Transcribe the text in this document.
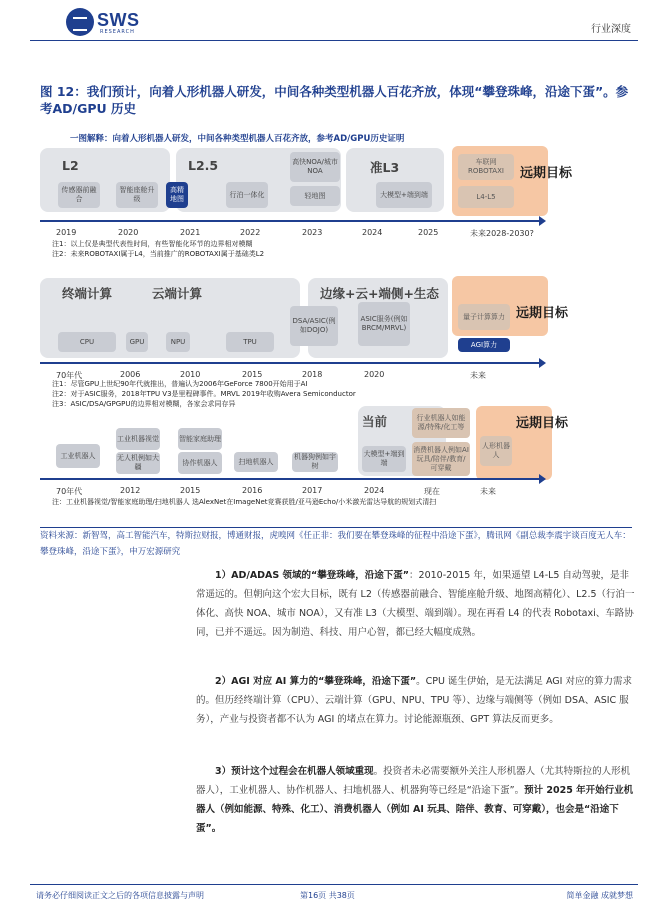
SWS
RESEARCH	行业深度
图 12：我们预计，向着人形机器人研发，中间各种类型机器人百花齐放，体现“攀登珠峰，沿途下蛋”。参考AD/GPU 历史
一图解释：向着人形机器人研发，中间各种类型机器人百花齐放，参考AD/GPU历史证明
L2	L2.5	准L3
传感器前融合
智能座舱升级
高精地图
行泊一体化
高快NOA/城市NOA
轻地图	大模型+端到端
车联网ROBOTAXI
L4-L5
远期目标
2019	2020	2021	2022	2023	2024	2025	未来2028-2030?
注1：以上仅是典型代表性时间，有些智能化环节的边界相对模糊
注2：未来ROBOTAXI属于L4，当前推广的ROBOTAXI属于基础类L2
终端计算	云端计算	边缘+云+端侧+生态
CPU	GPU	NPU	TPU
DSA/ASIC(例如DOJO)
ASIC服务(例如BRCM/MRVL)
量子计算算力
AGI算力
远期目标
70年代	2006	2010	2015	2018	2020	未来
注1：尽管GPU上世纪90年代就推出，普遍认为2006年GeForce 7800开始用于AI
注2：对于ASIC服务，2018年TPU V3是里程碑事件。MRVL 2019年收购Avera Semiconductor
注3：ASIC/DSA/GPGPU的边界相对模糊，各家会求同存异
当前
工业机器人
工业机器视觉
无人机例如大疆
智能家庭助理
协作机器人	扫地机器人
机器狗例如宇树
大模型+端到端
行业机器人如能源/特殊/化工等
消费机器人例如AI玩具/陪伴/教育/可穿戴
人形机器人
远期目标
70年代	2012	2015	2016	2017	2024	现在	未来
注：工业机器视觉/智能家庭助理/扫地机器人 选AlexNet在ImageNet竞赛获胜/亚马逊Echo/小米激光雷达导航的规划式清扫
资料来源：新智驾，高工智能汽车，特斯拉财报，博通财报，虎嗅网《任正非：我们要在攀登珠峰的征程中沿途下蛋》，腾讯网《副总裁李震宇谈百度无人车：攀登珠峰，沿途下蛋》，申万宏源研究
1）AD/ADAS 领域的“攀登珠峰，沿途下蛋”：2010-2015 年，如果遥望 L4-L5 自动驾驶，是非常遥远的。但朝向这个宏大目标，既有 L2（传感器前融合、智能座舱升级、地图高精化）、L2.5（行泊一体化、高快 NOA、城市 NOA），又有准 L3（大模型、端到端）。现在再看 L4 的代表 Robotaxi、车路协同，已并不遥远。因为制造、科技、用户心智，都已经大幅度成熟。
2）AGI 对应 AI 算力的“攀登珠峰，沿途下蛋”。CPU 诞生伊始，是无法满足 AGI 对应的算力需求的。但历经终端计算（CPU）、云端计算（GPU、NPU、TPU 等）、边缘与端侧等（例如 DSA、ASIC 服务），产业与投资者都不认为 AGI 的堵点在算力。讨论能源瓶颈、GPT 算法反而更多。
3）预计这个过程会在机器人领域重现。投资者未必需要额外关注人形机器人（尤其特斯拉的人形机器人），工业机器人、协作机器人、扫地机器人、机器狗等已经是“沿途下蛋”。预计 2025 年开始行业机器人（例如能源、特殊、化工）、消费机器人（例如 AI 玩具、陪伴、教育、可穿戴），也会是“沿途下蛋”。
请务必仔细阅读正文之后的各项信息披露与声明	第16页 共38页	简单金融 成就梦想
